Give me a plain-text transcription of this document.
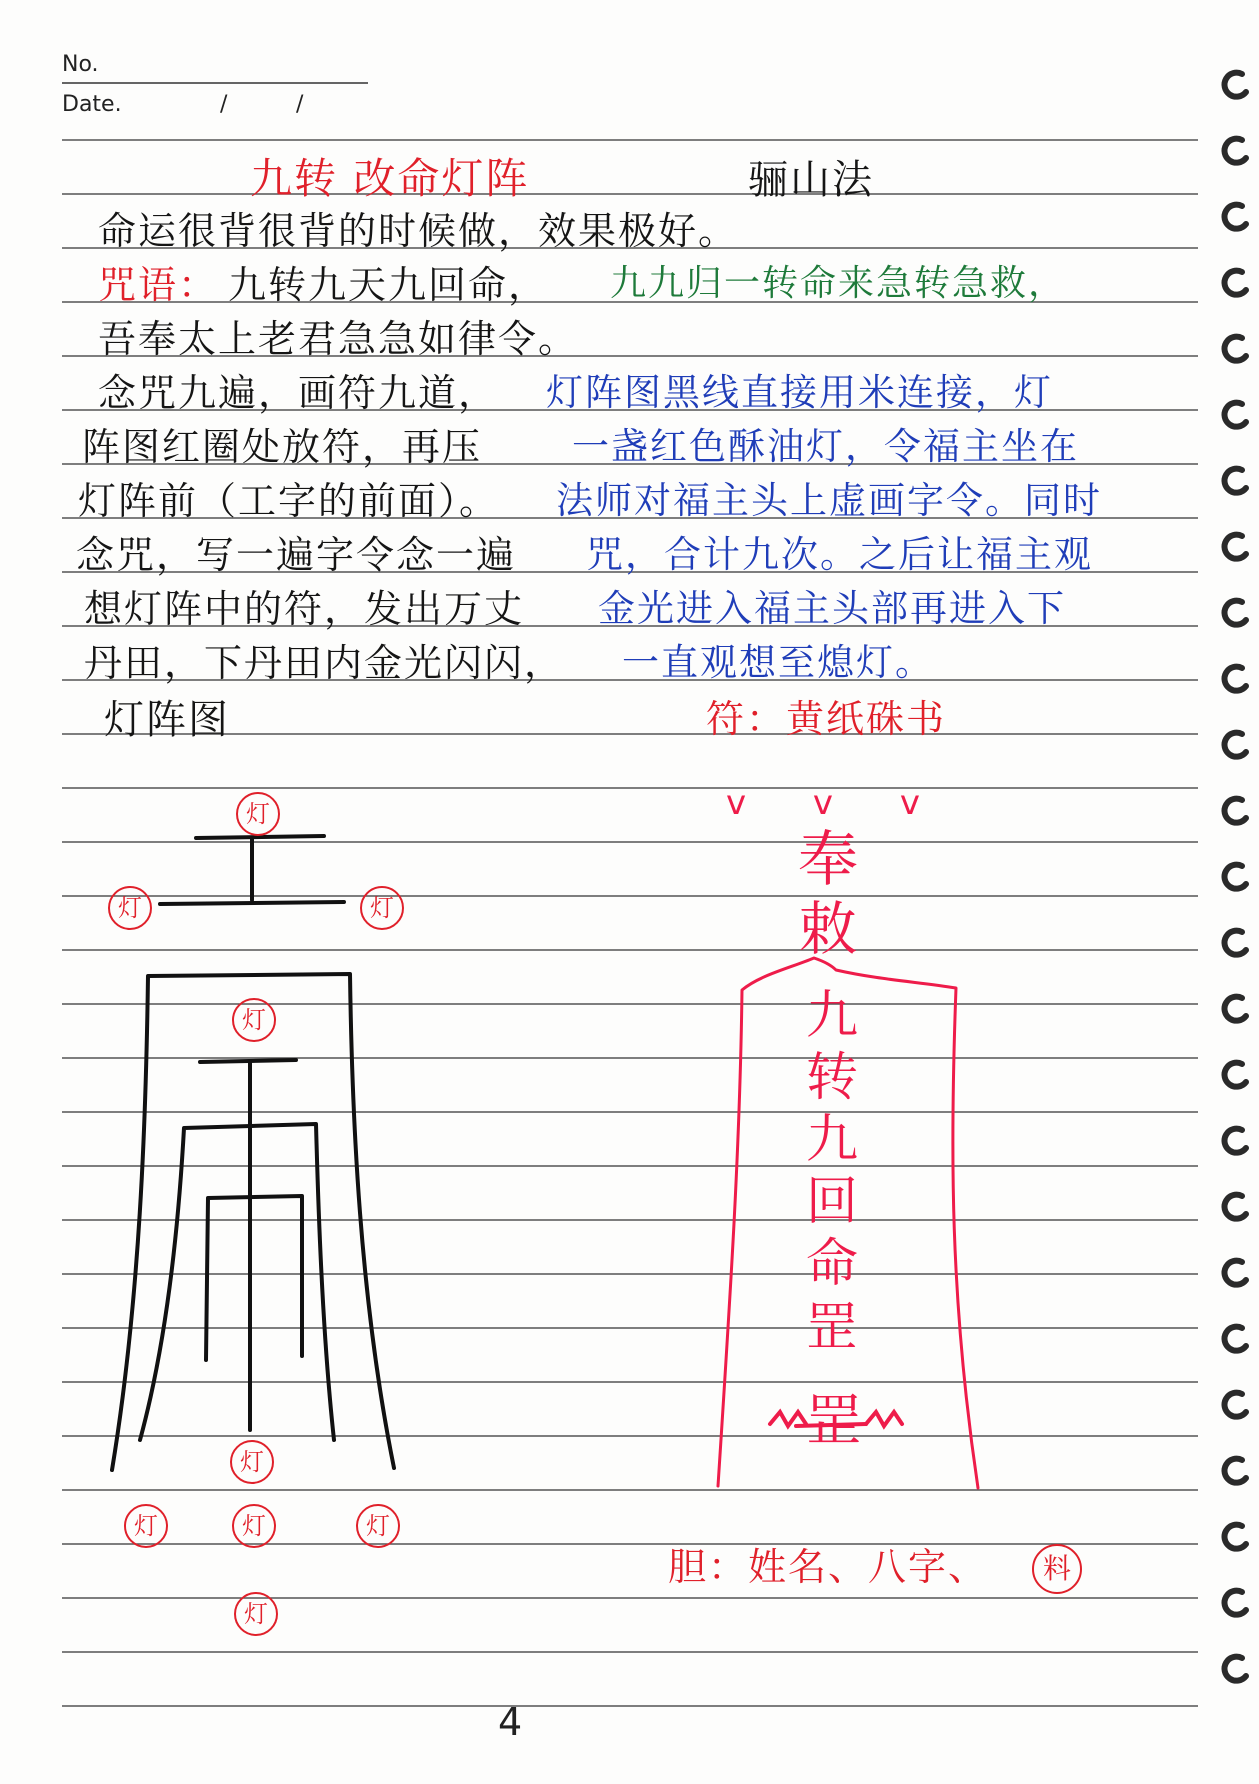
No.
Date.	/	/
九转 改命灯阵	骊山法
命运很背很背的时候做，效果极好。
咒语： 九转九天九回命， 九九归一转命来急转急救，
吾奉太上老君急急如律令。
念咒九遍，画符九道， 灯阵图黑线直接用米连接，灯
阵图红圈处放符，再压 一盏红色酥油灯，令福主坐在
灯阵前（工字的前面）。 法师对福主头上虚画字令。同时
念咒，写一遍字令念一遍 咒，合计九次。之后让福主观
想灯阵中的符，发出万丈 金光进入福主头部再进入下
丹田，下丹田内金光闪闪， 一直观想至熄灯。
灯阵图	符：黄纸硃书
灯
灯	灯
灯
灯
灯	灯	灯
灯
v v v
奉
敕
九
转
九
回
命
罡
罡
胆：姓名、八字、	料
4
